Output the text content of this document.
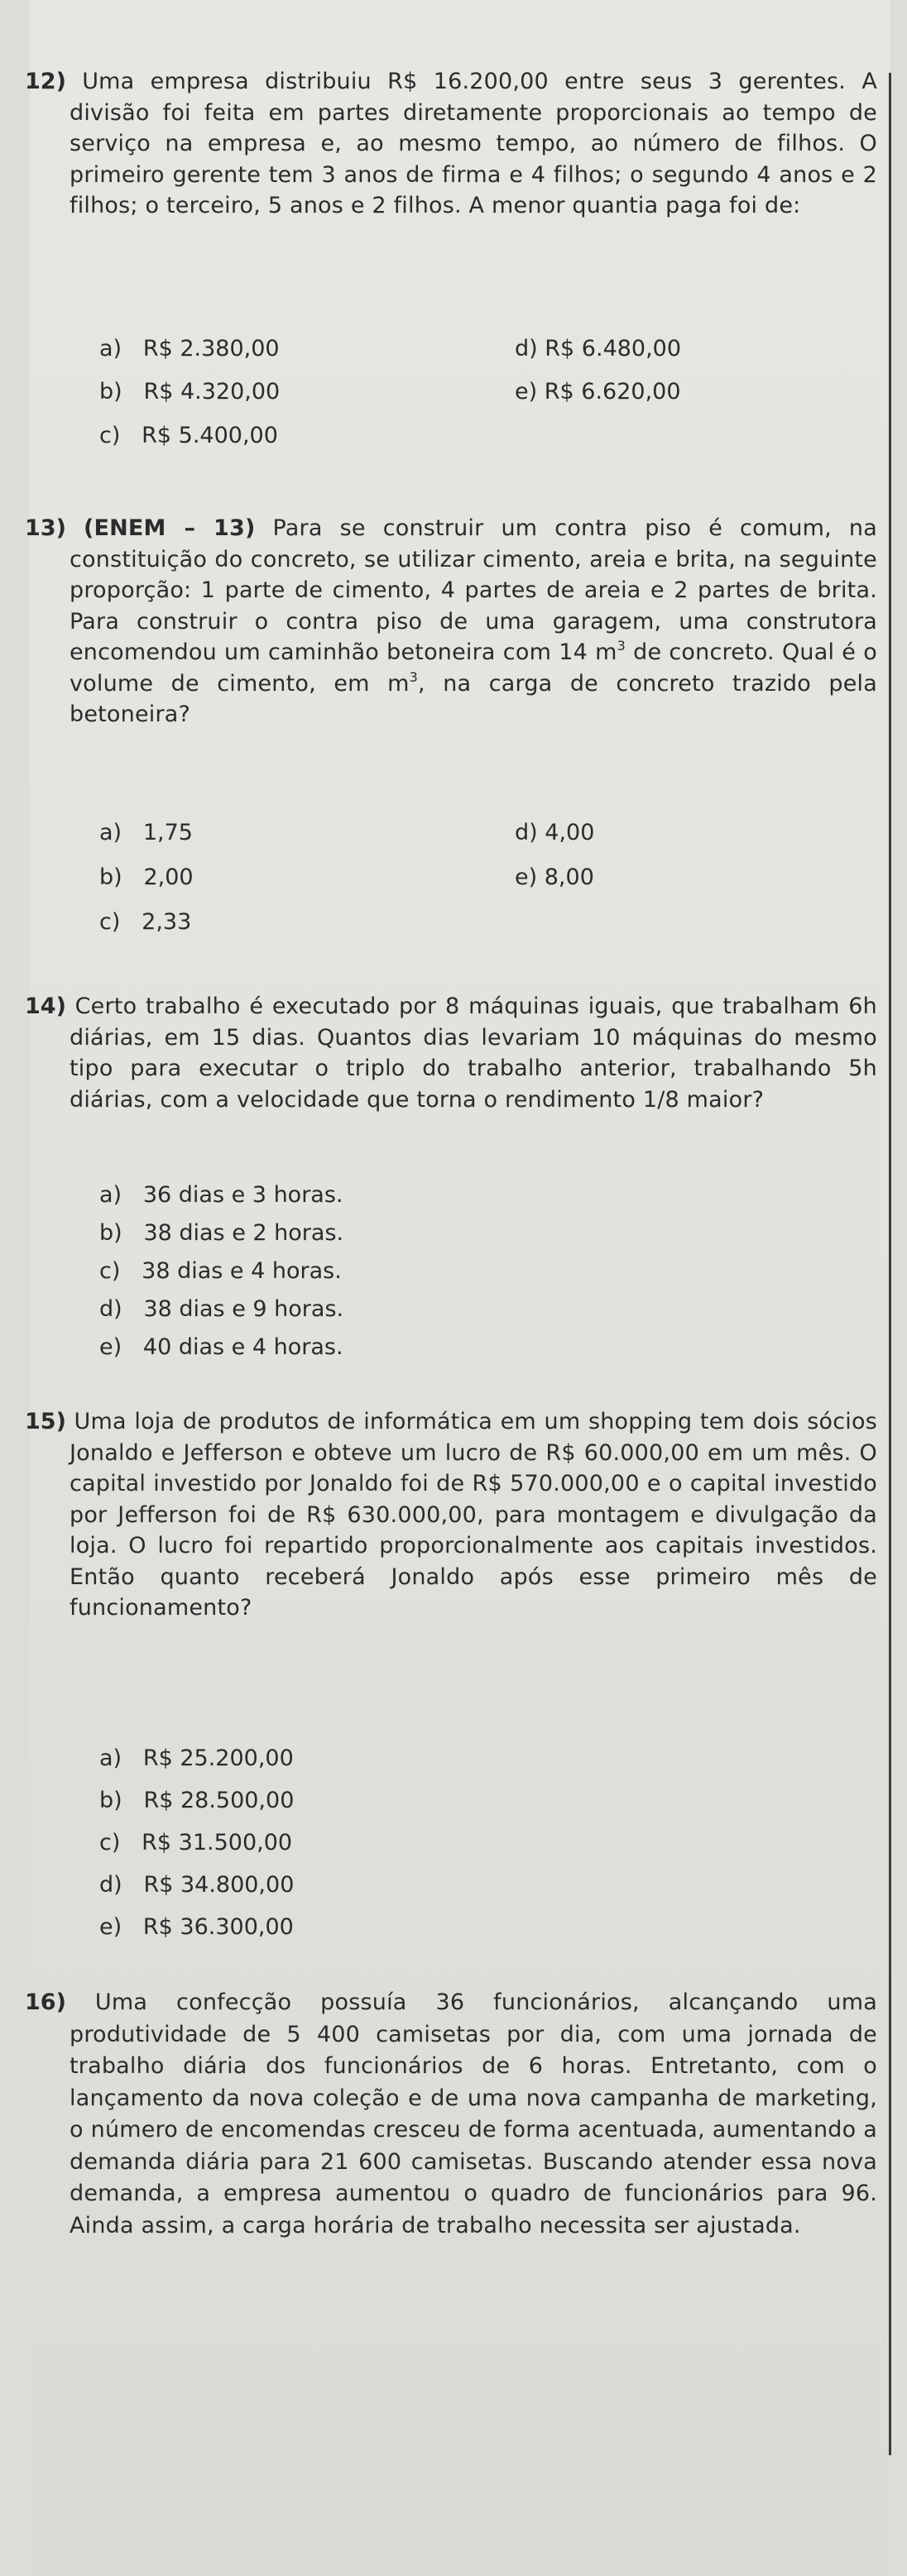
12) Uma empresa distribuiu R$ 16.200,00 entre seus 3 gerentes. A divisão foi feita em partes diretamente proporcionais ao tempo de serviço na empresa e, ao mesmo tempo, ao número de filhos. O primeiro gerente tem 3 anos de firma e 4 filhos; o segundo 4 anos e 2 filhos; o terceiro, 5 anos e 2 filhos. A menor quantia paga foi de:

a) R$ 2.380,00
b) R$ 4.320,00
c) R$ 5.400,00
d) R$ 6.480,00
e) R$ 6.620,00

13) (ENEM – 13) Para se construir um contra piso é comum, na constituição do concreto, se utilizar cimento, areia e brita, na seguinte proporção: 1 parte de cimento, 4 partes de areia e 2 partes de brita. Para construir o contra piso de uma garagem, uma construtora encomendou um caminhão betoneira com 14 $m^3$ de concreto. Qual é o volume de cimento, em $m^3$, na carga de concreto trazido pela betoneira?

a) 1,75
b) 2,00
c) 2,33
d) 4,00
e) 8,00

14) Certo trabalho é executado por 8 máquinas iguais, que trabalham 6h diárias, em 15 dias. Quantos dias levariam 10 máquinas do mesmo tipo para executar o triplo do trabalho anterior, trabalhando 5h diárias, com a velocidade que torna o rendimento 1/8 maior?

a) 36 dias e 3 horas.
b) 38 dias e 2 horas.
c) 38 dias e 4 horas.
d) 38 dias e 9 horas.
e) 40 dias e 4 horas.

15) Uma loja de produtos de informática em um shopping tem dois sócios Jonaldo e Jefferson e obteve um lucro de R$ 60.000,00 em um mês. O capital investido por Jonaldo foi de R$ 570.000,00 e o capital investido por Jefferson foi de R$ 630.000,00, para montagem e divulgação da loja. O lucro foi repartido proporcionalmente aos capitais investidos. Então quanto receberá Jonaldo após esse primeiro mês de funcionamento?

a) R$ 25.200,00
b) R$ 28.500,00
c) R$ 31.500,00
d) R$ 34.800,00
e) R$ 36.300,00

16) Uma confecção possuía 36 funcionários, alcançando uma produtividade de 5 400 camisetas por dia, com uma jornada de trabalho diária dos funcionários de 6 horas. Entretanto, com o lançamento da nova coleção e de uma nova campanha de marketing, o número de encomendas cresceu de forma acentuada, aumentando a demanda diária para 21 600 camisetas. Buscando atender essa nova demanda, a empresa aumentou o quadro de funcionários para 96. Ainda assim, a carga horária de trabalho necessita ser ajustada.
